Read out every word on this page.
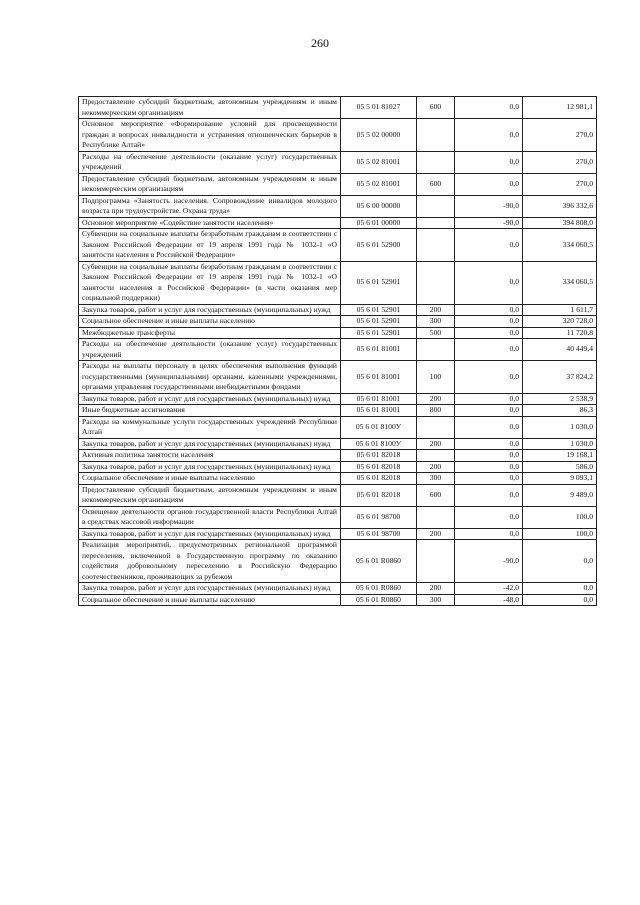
260
Предоставление субсидий бюджетным, автономным учреждениям и иным некоммерческим организациям	05 5 01 81027	600	0,0	12 981,1
Основное мероприятие «Формирование условий для просвещенности граждан в вопросах инвалидности и устранения отношенческих барьеров в Республике Алтай»	05 5 02 00000		0,0	270,0
Расходы на обеспечение деятельности (оказание услуг) государственных учреждений	05 5 02 81001		0,0	270,0
Предоставление субсидий бюджетным, автономным учреждениям и иным некоммерческим организациям	05 5 02 81001	600	0,0	270,0
Подпрограмма «Занятость населения. Сопровождение инвалидов молодого возраста при трудоустройстве. Охрана труда»	05 6 00 00000		-90,0	396 332,6
Основное мероприятие «Содействие занятости населения»	05 6 01 00000		-90,0	394 808,0
Субвенции на социальные выплаты безработным гражданам в соответствии с Законом Российской Федерации от 19 апреля 1991 года № 1032-1 «О занятости населения в Российской Федерации»	05 6 01 52900		0,0	334 060,5
Субвенции на социальные выплаты безработным гражданам в соответствии с Законом Российской Федерации от 19 апреля 1991 года № 1032-1 «О занятости населения в Российской Федерации» (в части оказания мер социальной поддержки)	05 6 01 52901		0,0	334 060,5
Закупка товаров, работ и услуг для государственных (муниципальных) нужд	05 6 01 52901	200	0,0	1 611,7
Социальное обеспечение и иные выплаты населению	05 6 01 52901	300	0,0	320 728,0
Межбюджетные трансферты	05 6 01 52901	500	0,0	11 720,8
Расходы на обеспечение деятельности (оказание услуг) государственных учреждений	05 6 01 81001		0,0	40 449,4
Расходы на выплаты персоналу в целях обеспечения выполнения функций государственными (муниципальными) органами, казенными учреждениями, органами управления государственными внебюджетными фондами	05 6 01 81001	100	0,0	37 824,2
Закупка товаров, работ и услуг для государственных (муниципальных) нужд	05 6 01 81001	200	0,0	2 538,9
Иные бюджетные ассигнования	05 6 01 81001	800	0,0	86,3
Расходы на коммунальные услуги государственных учреждений Республики Алтай	05 6 01 8100У		0,0	1 030,0
Закупка товаров, работ и услуг для государственных (муниципальных) нужд	05 6 01 8100У	200	0,0	1 030,0
Активная политика занятости населения	05 6 01 82018		0,0	19 168,1
Закупка товаров, работ и услуг для государственных (муниципальных) нужд	05 6 01 82018	200	0,0	586,0
Социальное обеспечение и иные выплаты населению	05 6 01 82018	300	0,0	9 093,1
Предоставление субсидий бюджетным, автономным учреждениям и иным некоммерческим организациям	05 6 01 82018	600	0,0	9 489,0
Освещение деятельности органов государственной власти Республики Алтай в средствах массовой информации	05 6 01 98700		0,0	100,0
Закупка товаров, работ и услуг для государственных (муниципальных) нужд	05 6 01 98700	200	0,0	100,0
Реализация мероприятий, предусмотренных региональной программой переселения, включенной в Государственную программу по оказанию содействия добровольному переселению в Российскую Федерацию соотечественников, проживающих за рубежом	05 6 01 R0860		-90,0	0,0
Закупка товаров, работ и услуг для государственных (муниципальных) нужд	05 6 01 R0860	200	-42,0	0,0
Социальное обеспечение и иные выплаты населению	05 6 01 R0860	300	-48,0	0,0
